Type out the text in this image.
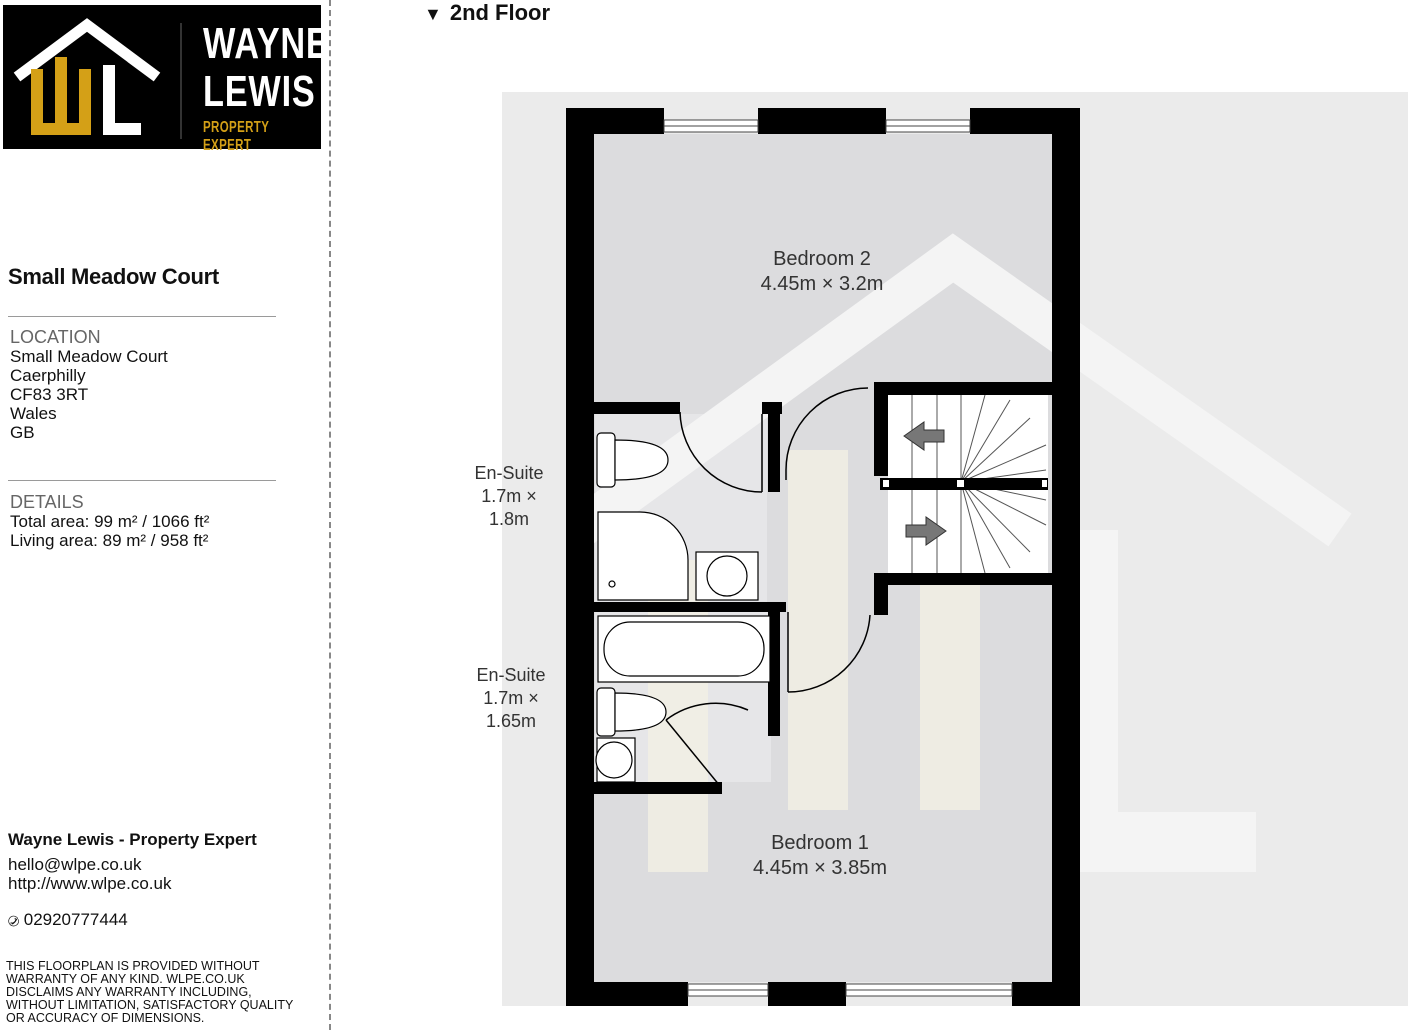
WAYNE
LEWIS
PROPERTY EXPERT
Small Meadow Court
LOCATION
Small Meadow Court
Caerphilly
CF83 3RT
Wales
GB
DETAILS
Total area: 99 m² / 1066 ft²
Living area: 89 m² / 958 ft²
Wayne Lewis - Property Expert
hello@wlpe.co.uk
http://www.wlpe.co.uk
✆ 02920777444
THIS FLOORPLAN IS PROVIDED WITHOUT WARRANTY OF ANY KIND. WLPE.CO.UK DISCLAIMS ANY WARRANTY INCLUDING, WITHOUT LIMITATION, SATISFACTORY QUALITY OR ACCURACY OF DIMENSIONS.
▼ 2nd Floor
Bedroom 2
4.45m × 3.2m
Bedroom 1
4.45m × 3.85m
En-Suite
1.7m ×
1.8m
En-Suite
1.7m ×
1.65m
